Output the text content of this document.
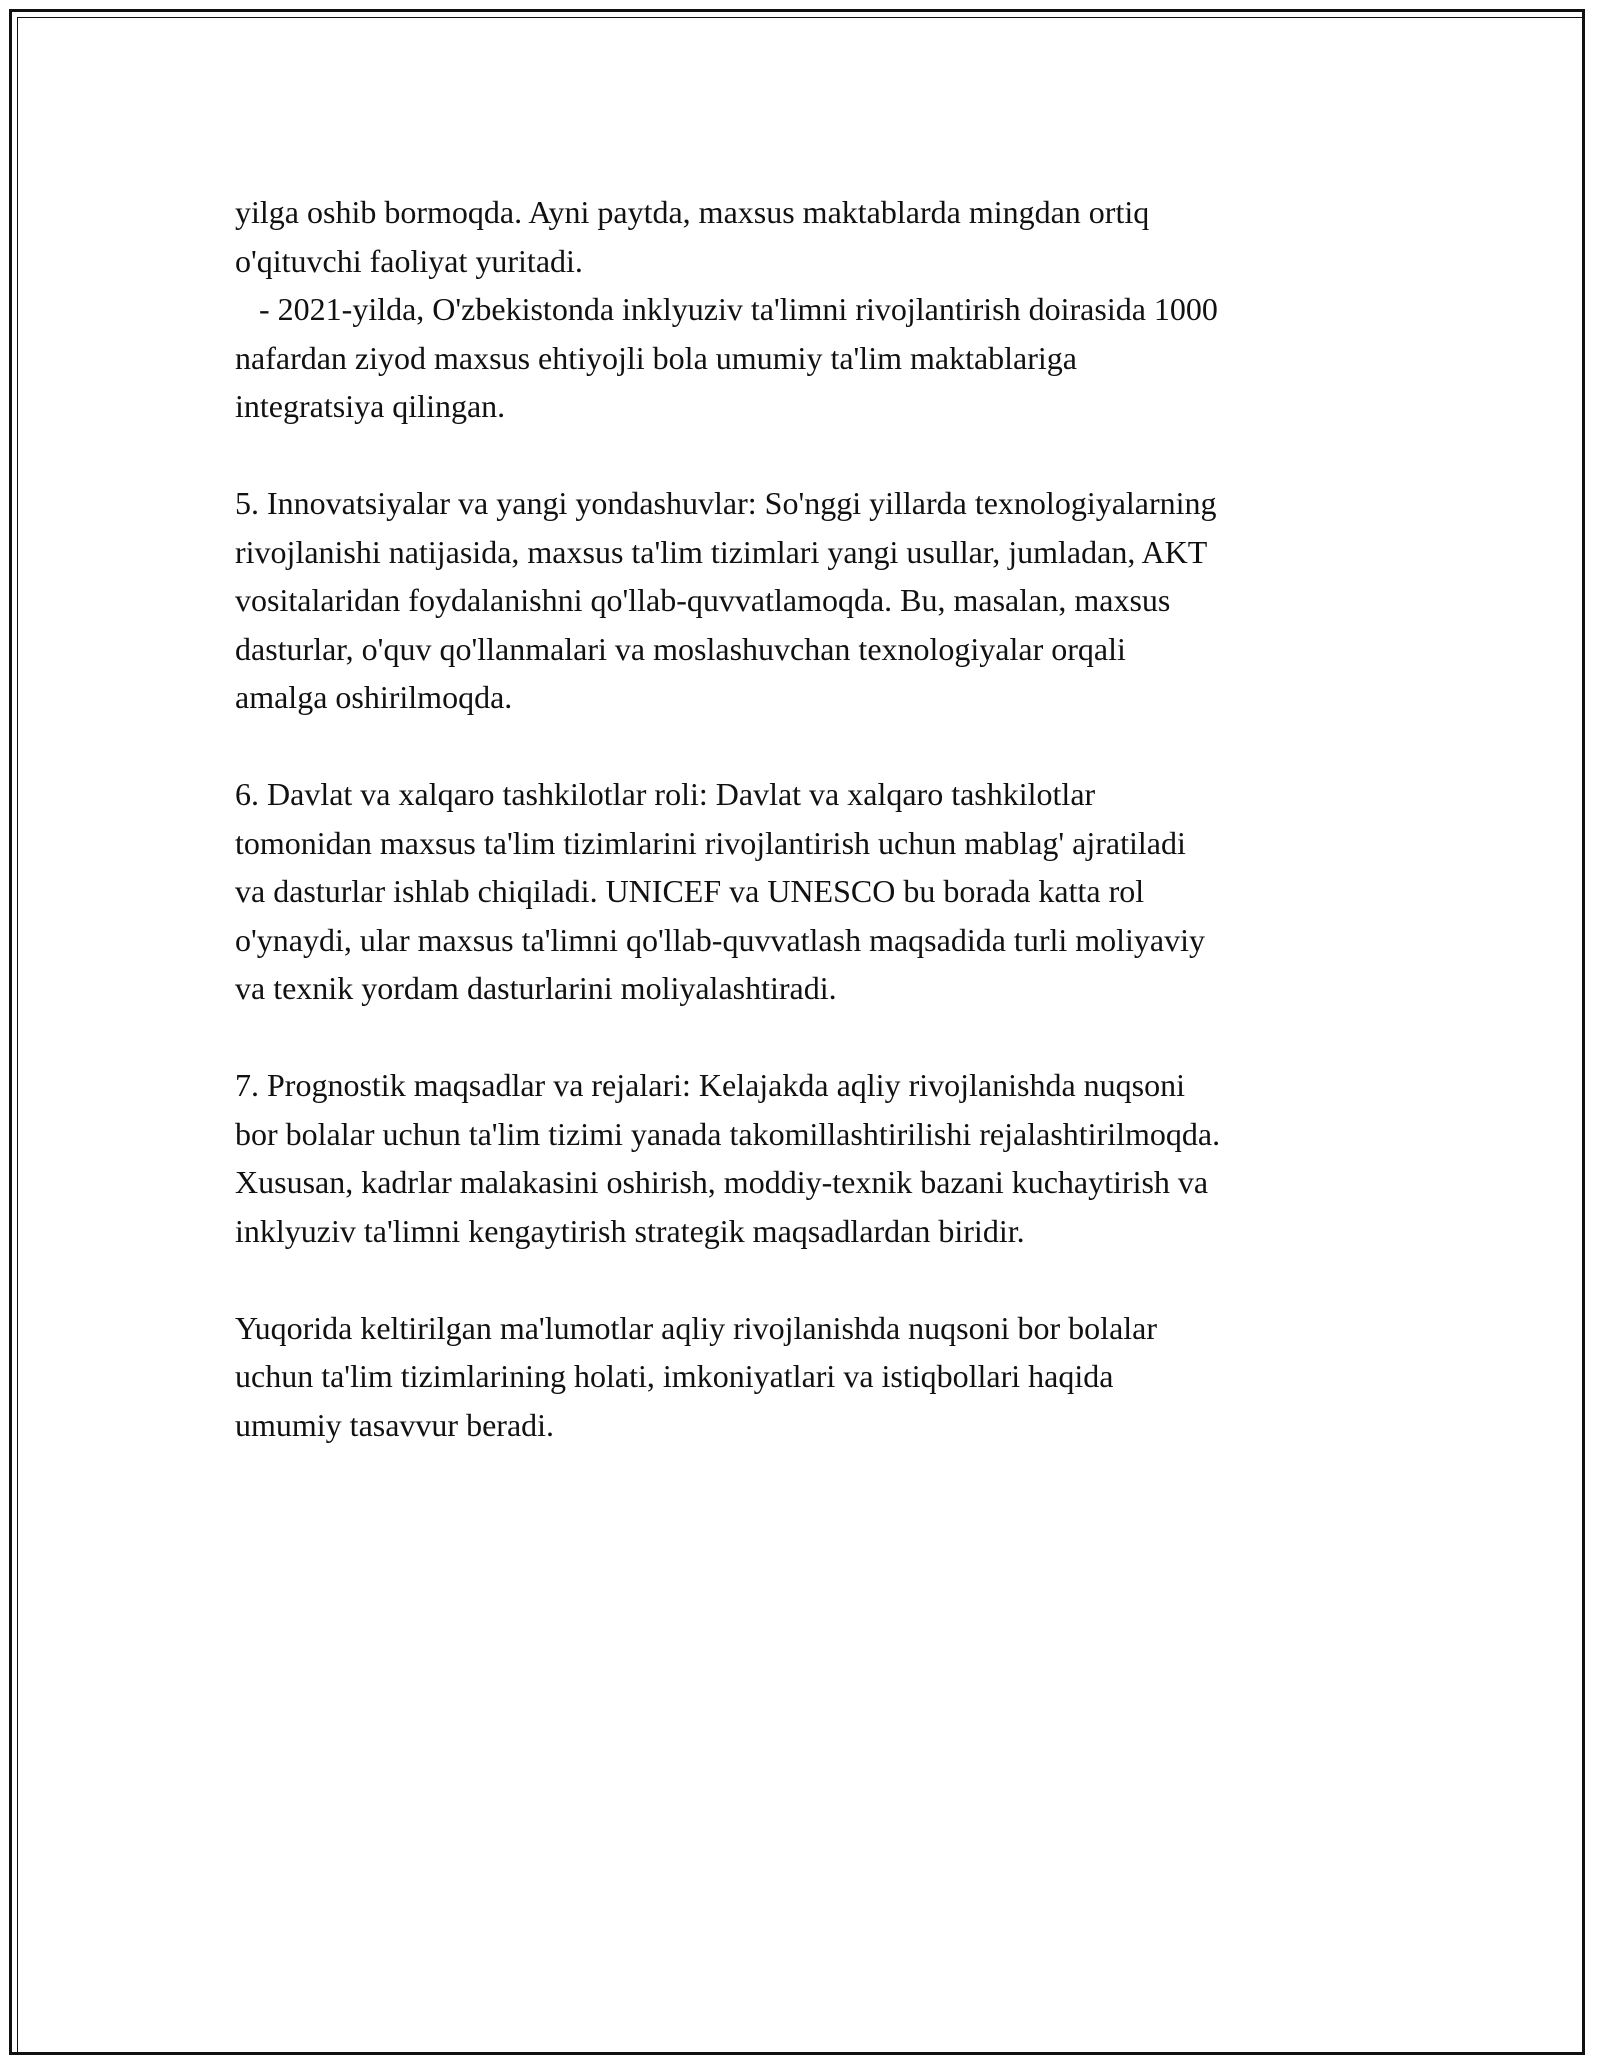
yilga oshib bormoqda. Ayni paytda, maxsus maktablarda mingdan ortiq

o'qituvchi faoliyat yuritadi.

- 2021-yilda, O'zbekistonda inklyuziv ta'limni rivojlantirish doirasida 1000

nafardan ziyod maxsus ehtiyojli bola umumiy ta'lim maktablariga

integratsiya qilingan.

5. Innovatsiyalar va yangi yondashuvlar: So'nggi yillarda texnologiyalarning

rivojlanishi natijasida, maxsus ta'lim tizimlari yangi usullar, jumladan, AKT

vositalaridan foydalanishni qo'llab-quvvatlamoqda. Bu, masalan, maxsus

dasturlar, o'quv qo'llanmalari va moslashuvchan texnologiyalar orqali

amalga oshirilmoqda.

6. Davlat va xalqaro tashkilotlar roli: Davlat va xalqaro tashkilotlar

tomonidan maxsus ta'lim tizimlarini rivojlantirish uchun mablag' ajratiladi

va dasturlar ishlab chiqiladi. UNICEF va UNESCO bu borada katta rol

o'ynaydi, ular maxsus ta'limni qo'llab-quvvatlash maqsadida turli moliyaviy

va texnik yordam dasturlarini moliyalashtiradi.

7. Prognostik maqsadlar va rejalari: Kelajakda aqliy rivojlanishda nuqsoni

bor bolalar uchun ta'lim tizimi yanada takomillashtirilishi rejalashtirilmoqda.

Xususan, kadrlar malakasini oshirish, moddiy-texnik bazani kuchaytirish va

inklyuziv ta'limni kengaytirish strategik maqsadlardan biridir.

Yuqorida keltirilgan ma'lumotlar aqliy rivojlanishda nuqsoni bor bolalar

uchun ta'lim tizimlarining holati, imkoniyatlari va istiqbollari haqida

umumiy tasavvur beradi.
